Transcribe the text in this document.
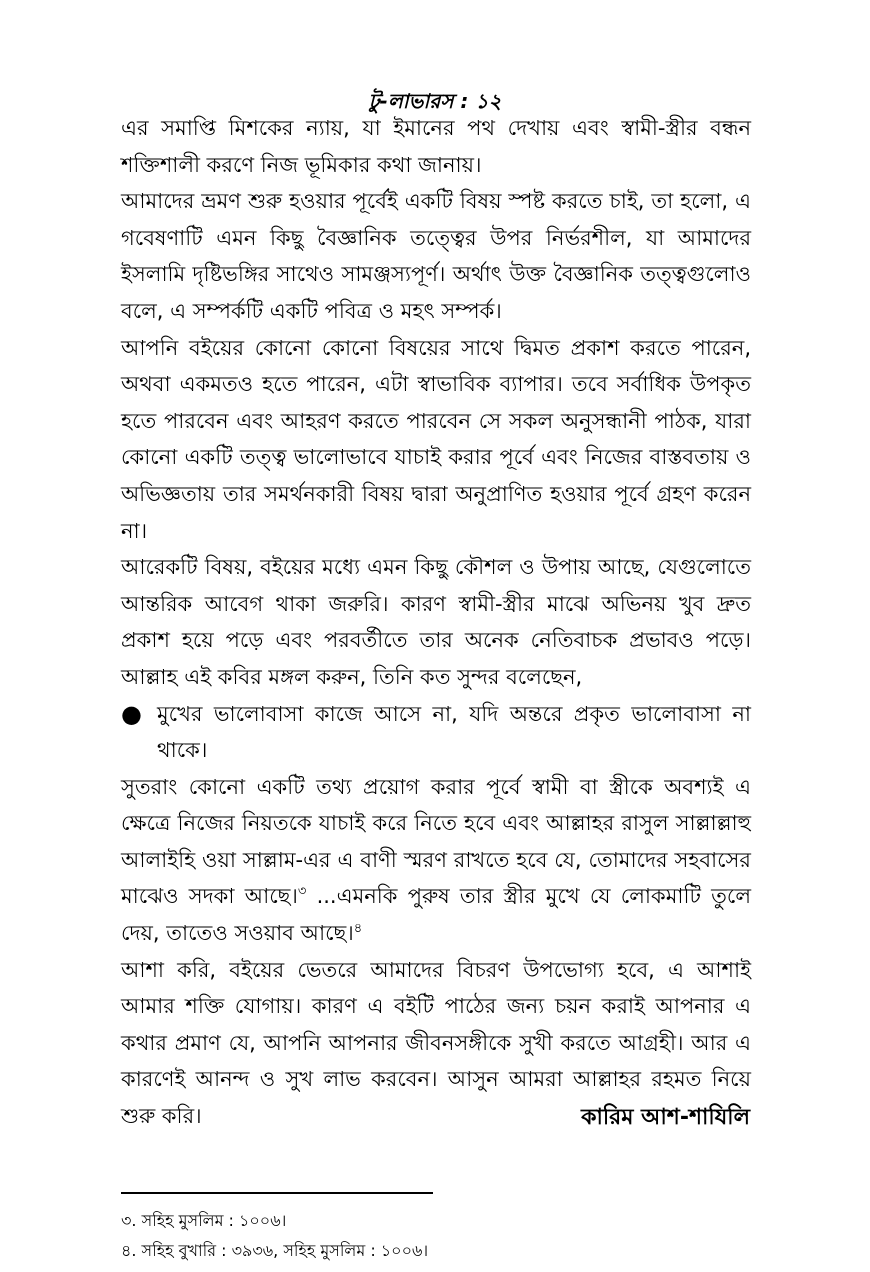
টু-লাভারস : ১২

এর সমাপ্তি মিশকের ন্যায়, যা ইমানের পথ দেখায় এবং স্বামী-স্ত্রীর বন্ধন শক্তিশালী করণে নিজ ভূমিকার কথা জানায়।

আমাদের ভ্রমণ শুরু হওয়ার পূর্বেই একটি বিষয় স্পষ্ট করতে চাই, তা হলো, এ গবেষণাটি এমন কিছু বৈজ্ঞানিক তত্ত্বের উপর নির্ভরশীল, যা আমাদের ইসলামি দৃষ্টিভঙ্গির সাথেও সামঞ্জস্যপূর্ণ। অর্থাৎ উক্ত বৈজ্ঞানিক তত্ত্বগুলোও বলে, এ সম্পর্কটি একটি পবিত্র ও মহৎ সম্পর্ক।

আপনি বইয়ের কোনো কোনো বিষয়ের সাথে দ্বিমত প্রকাশ করতে পারেন, অথবা একমতও হতে পারেন, এটা স্বাভাবিক ব্যাপার। তবে সর্বাধিক উপকৃত হতে পারবেন এবং আহরণ করতে পারবেন সে সকল অনুসন্ধানী পাঠক, যারা কোনো একটি তত্ত্ব ভালোভাবে যাচাই করার পূর্বে এবং নিজের বাস্তবতায় ও অভিজ্ঞতায় তার সমর্থনকারী বিষয় দ্বারা অনুপ্রাণিত হওয়ার পূর্বে গ্রহণ করেন না।

আরেকটি বিষয়, বইয়ের মধ্যে এমন কিছু কৌশল ও উপায় আছে, যেগুলোতে আন্তরিক আবেগ থাকা জরুরি। কারণ স্বামী-স্ত্রীর মাঝে অভিনয় খুব দ্রুত প্রকাশ হয়ে পড়ে এবং পরবর্তীতে তার অনেক নেতিবাচক প্রভাবও পড়ে। আল্লাহ এই কবির মঙ্গল করুন, তিনি কত সুন্দর বলেছেন,

● মুখের ভালোবাসা কাজে আসে না, যদি অন্তরে প্রকৃত ভালোবাসা না থাকে।

সুতরাং কোনো একটি তথ্য প্রয়োগ করার পূর্বে স্বামী বা স্ত্রীকে অবশ্যই এ ক্ষেত্রে নিজের নিয়তকে যাচাই করে নিতে হবে এবং আল্লাহর রাসুল সাল্লাল্লাহু আলাইহি ওয়া সাল্লাম-এর এ বাণী স্মরণ রাখতে হবে যে, তোমাদের সহবাসের মাঝেও সদকা আছে।$^৩$ ...এমনকি পুরুষ তার স্ত্রীর মুখে যে লোকমাটি তুলে দেয়, তাতেও সওয়াব আছে।$^৪$

আশা করি, বইয়ের ভেতরে আমাদের বিচরণ উপভোগ্য হবে, এ আশাই আমার শক্তি যোগায়। কারণ এ বইটি পাঠের জন্য চয়ন করাই আপনার এ কথার প্রমাণ যে, আপনি আপনার জীবনসঙ্গীকে সুখী করতে আগ্রহী। আর এ কারণেই আনন্দ ও সুখ লাভ করবেন। আসুন আমরা আল্লাহর রহমত নিয়ে শুরু করি।	কারিম আশ-শাযিলি
৩. সহিহ মুসলিম : ১০০৬।
৪. সহিহ বুখারি : ৩৯৩৬, সহিহ মুসলিম : ১০০৬।
